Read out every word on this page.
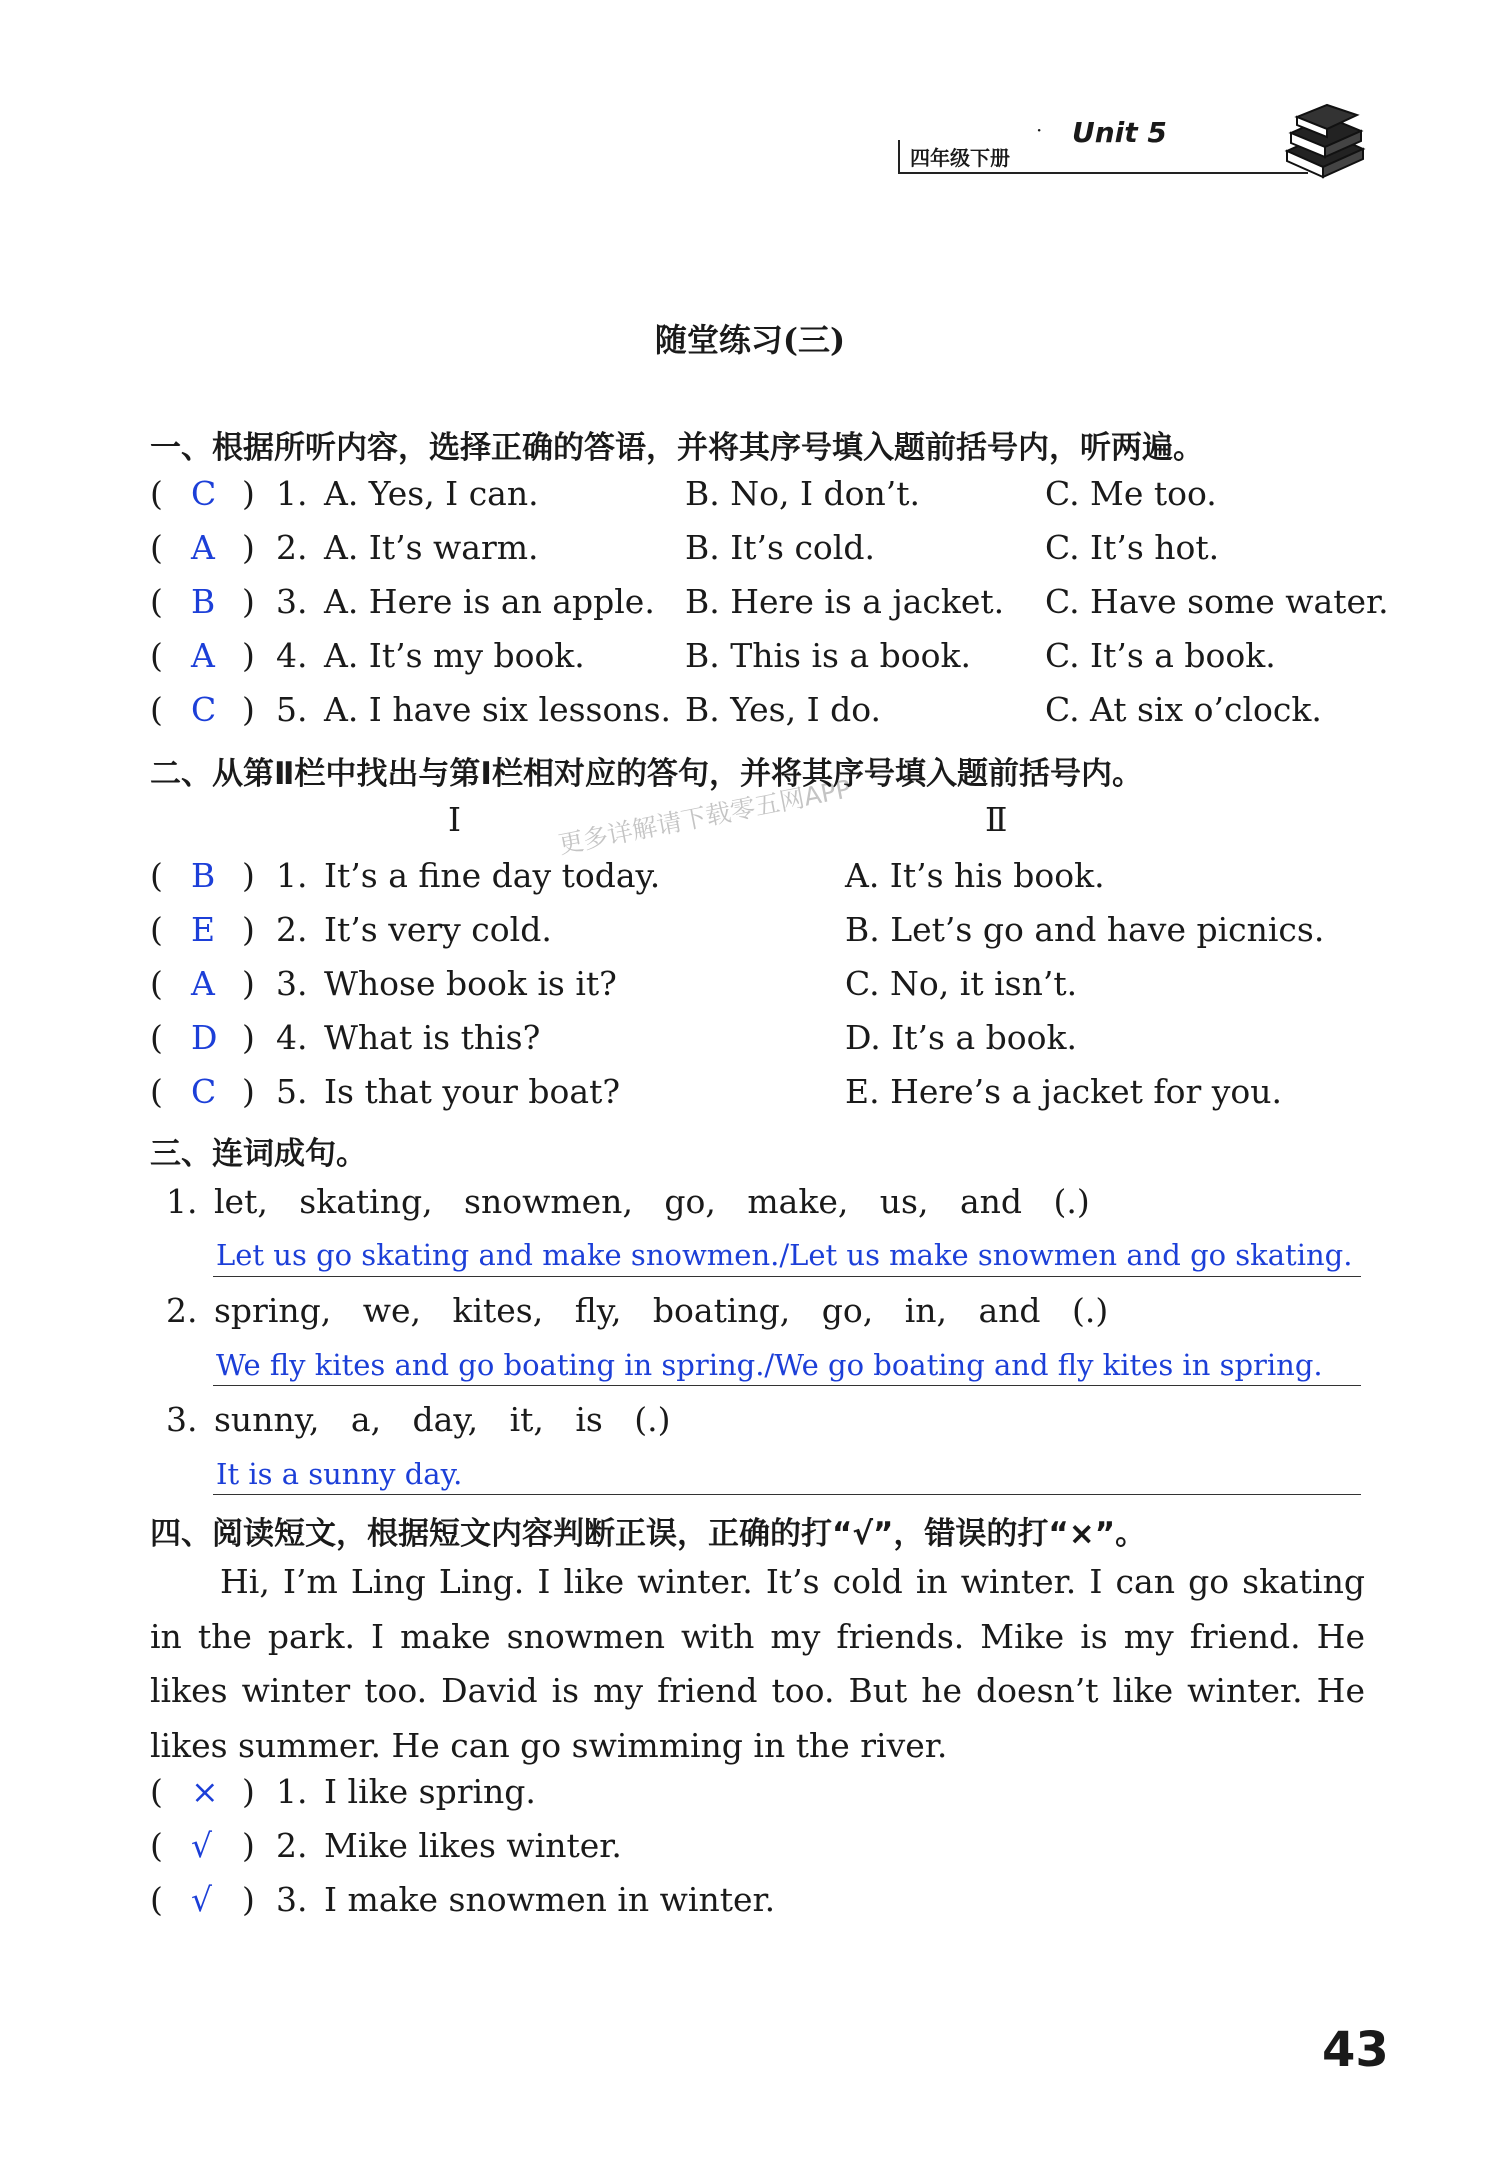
·
四年级下册
Unit 5
随堂练习(三)
更多详解请下载零五网APP
一、根据所听内容，选择正确的答语，并将其序号填入题前括号内，听两遍。
( C ) 1. A. Yes, I can.	B. No, I don’t.	C. Me too.
( A ) 2. A. It’s warm.	B. It’s cold.	C. It’s hot.
( B ) 3. A. Here is an apple. B. Here is a jacket. C. Have some water.
( A ) 4. A. It’s my book.	B. This is a book. C. It’s a book.
( C ) 5. A. I have six lessons. B. Yes, I do.	C. At six o’clock.
二、从第Ⅱ栏中找出与第Ⅰ栏相对应的答句，并将其序号填入题前括号内。
Ⅰ	Ⅱ
( B ) 1. It’s a fine day today.	A. It’s his book.
( E ) 2. It’s very cold.	B. Let’s go and have picnics.
( A ) 3. Whose book is it?	C. No, it isn’t.
( D ) 4. What is this?	D. It’s a book.
( C ) 5. Is that your boat?	E. Here’s a jacket for you.
三、连词成句。
1. let,   skating,   snowmen,   go,   make,   us,   and   (.)
Let us go skating and make snowmen./Let us make snowmen and go skating.
2. spring,   we,   kites,   fly,   boating,   go,   in,   and   (.)
We fly kites and go boating in spring./We go boating and fly kites in spring.
3. sunny,   a,   day,   it,   is   (.)
It is a sunny day.
四、阅读短文，根据短文内容判断正误，正确的打“√”，错误的打“×”。
Hi, I’m Ling Ling. I like winter. It’s cold in winter. I can go skating in the park. I make snowmen with my friends. Mike is my friend. He likes winter too. David is my friend too. But he doesn’t like winter. He likes summer. He can go swimming in the river.
( × ) 1. I like spring.
( √ ) 2. Mike likes winter.
( √ ) 3. I make snowmen in winter.
43
